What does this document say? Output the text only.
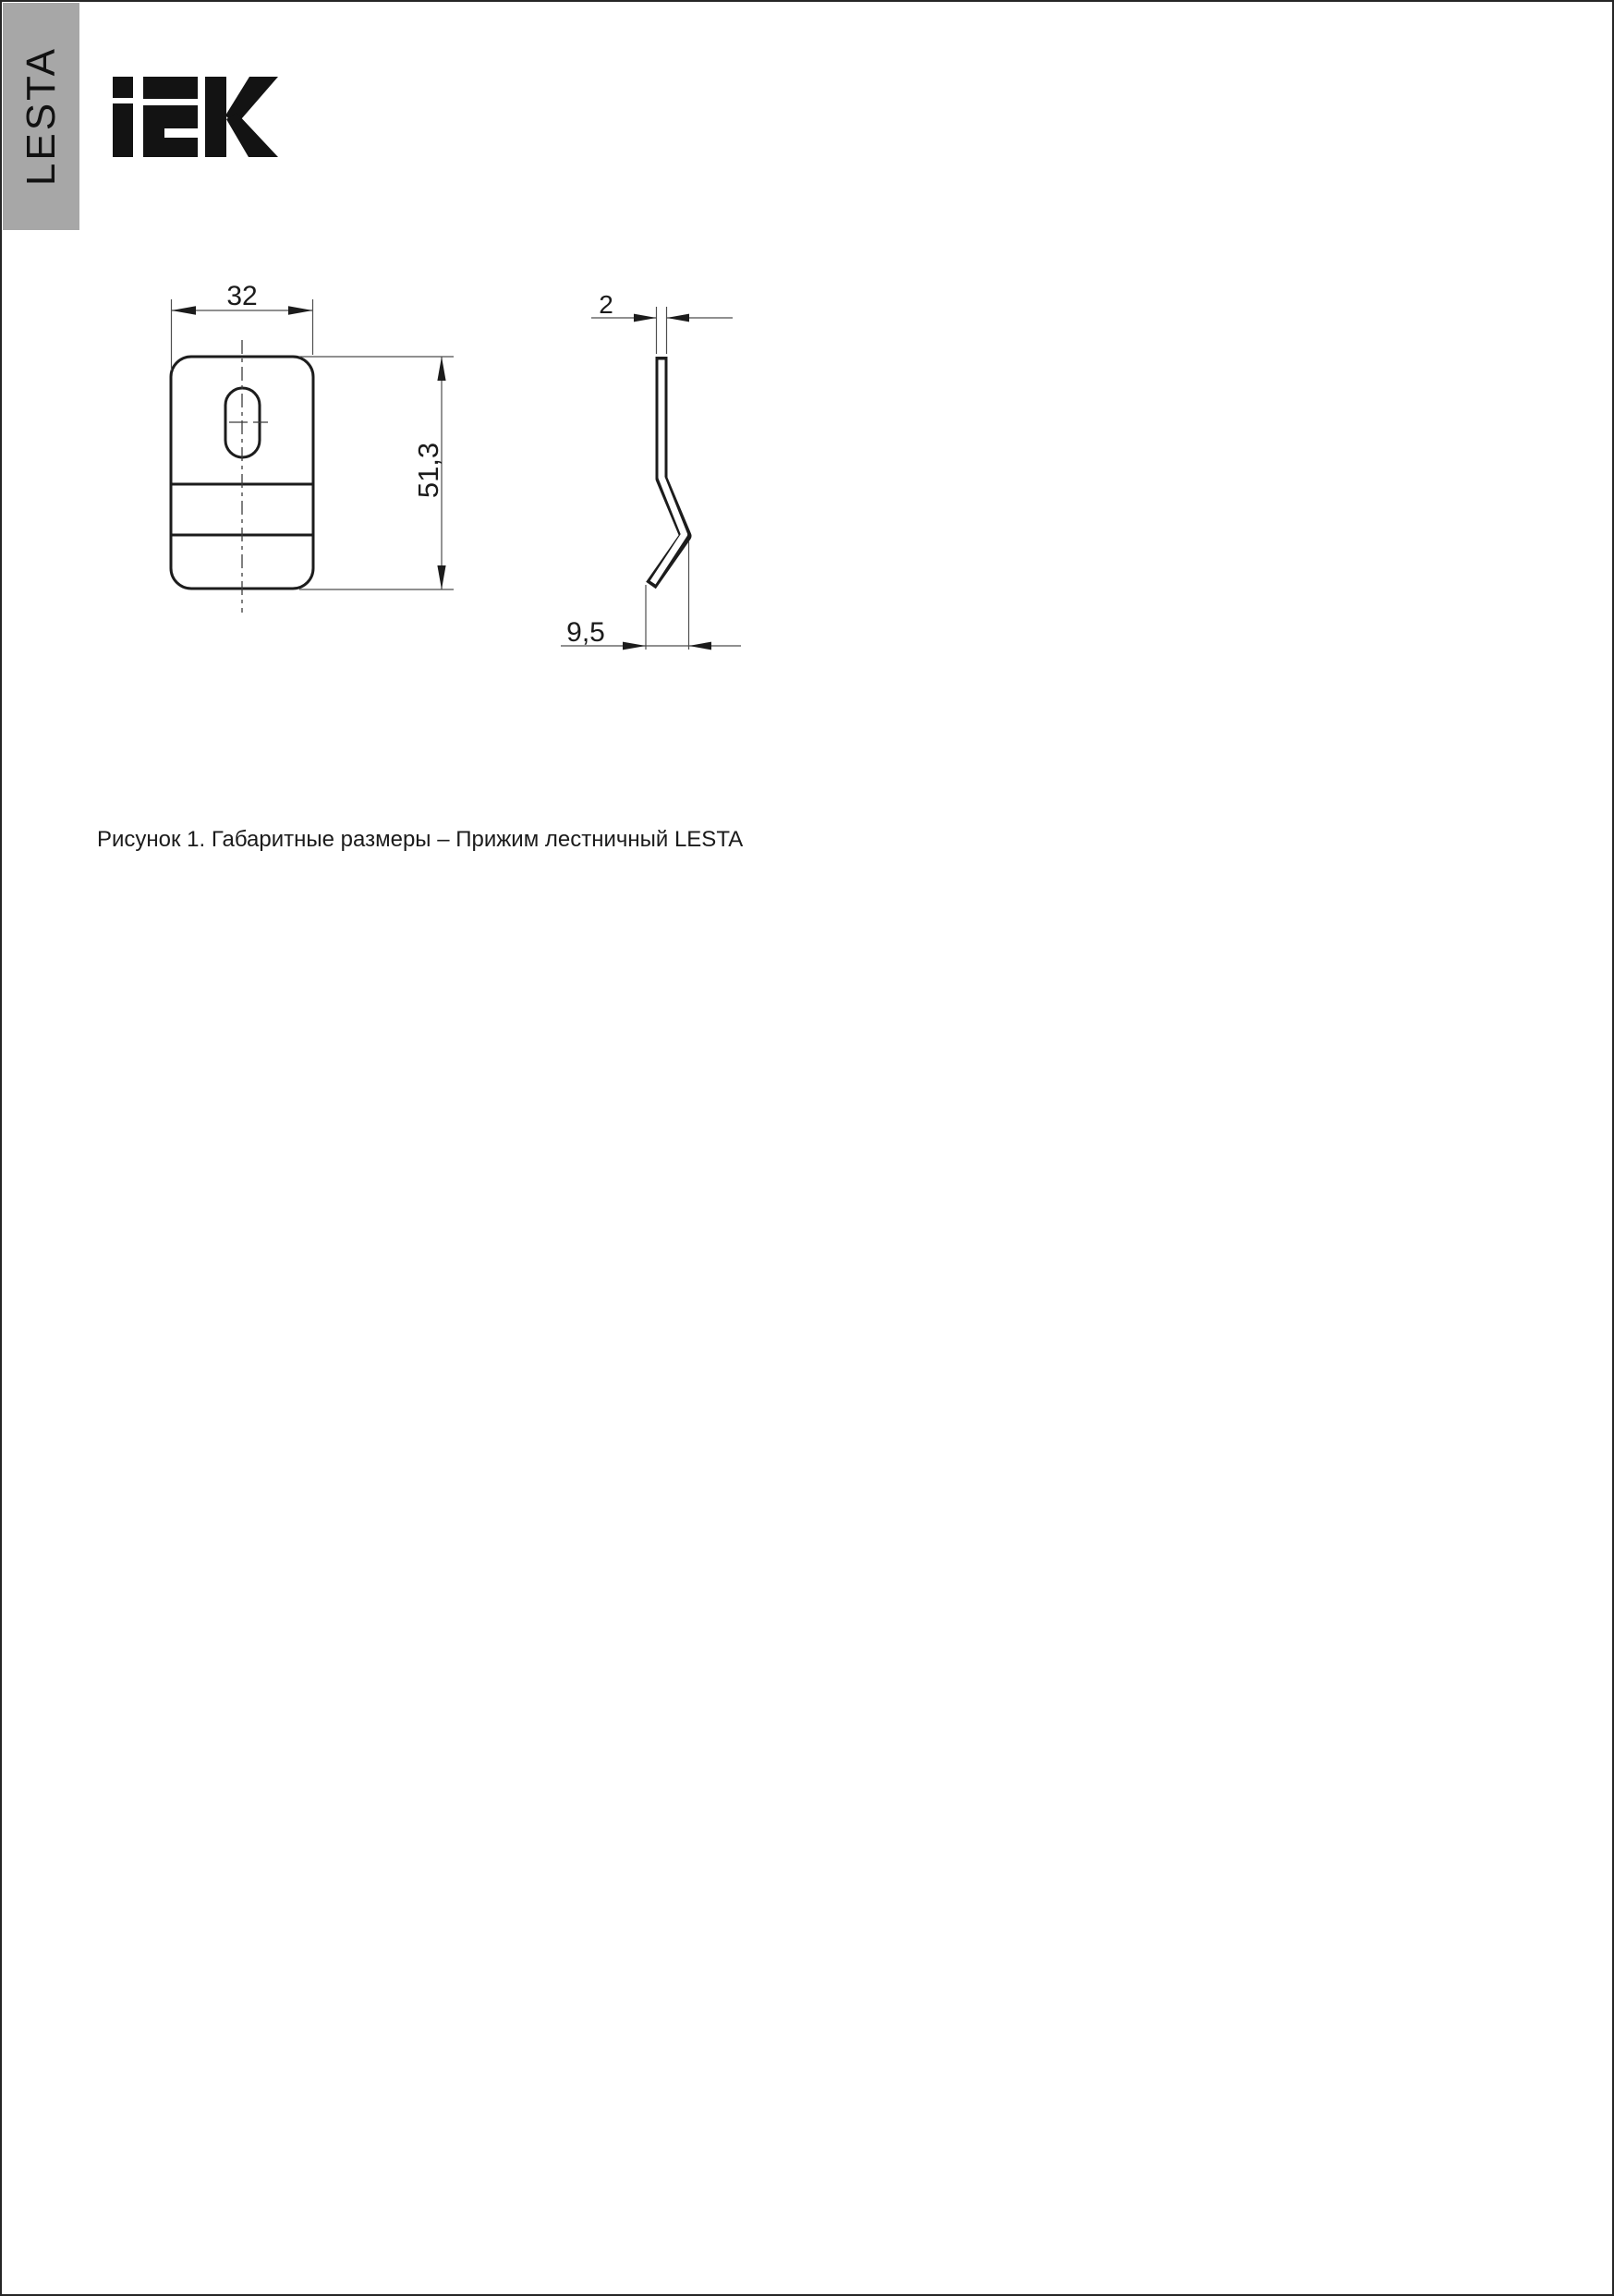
LESTA
32
51,3
2
9,5
Рисунок 1. Габаритные размеры – Прижим лестничный LESTA
